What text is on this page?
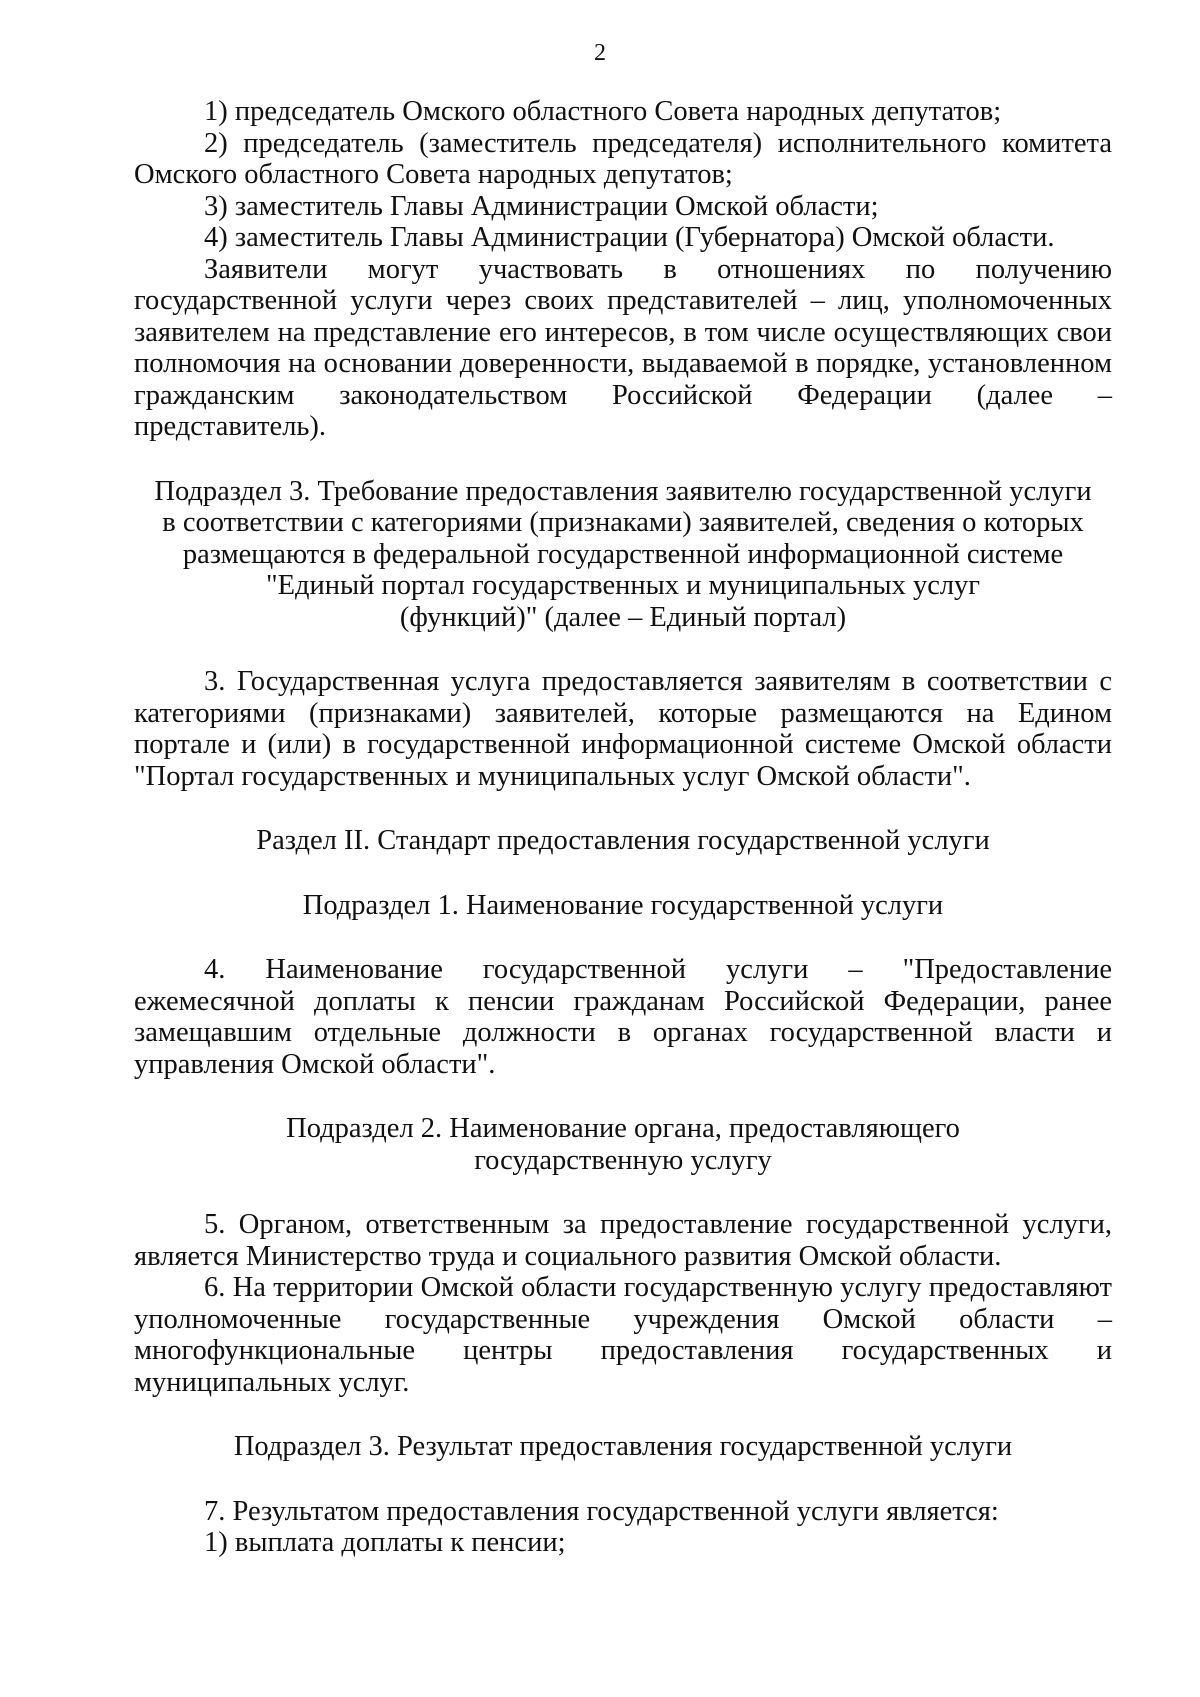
2

1) председатель Омского областного Совета народных депутатов;

2) председатель (заместитель председателя) исполнительного комитета Омского областного Совета народных депутатов;

3) заместитель Главы Администрации Омской области;

4) заместитель Главы Администрации (Губернатора) Омской области.

Заявители могут участвовать в отношениях по получению государственной услуги через своих представителей – лиц, уполномоченных заявителем на представление его интересов, в том числе осуществляющих свои полномочия на основании доверенности, выдаваемой в порядке, установленном гражданским законодательством Российской Федерации (далее – представитель).

Подраздел 3. Требование предоставления заявителю государственной услуги
в соответствии с категориями (признаками) заявителей, сведения о которых
размещаются в федеральной государственной информационной системе
"Единый портал государственных и муниципальных услуг
(функций)" (далее – Единый портал)

3. Государственная услуга предоставляется заявителям в соответствии с категориями (признаками) заявителей, которые размещаются на Едином портале и (или) в государственной информационной системе Омской области "Портал государственных и муниципальных услуг Омской области".

Раздел II. Стандарт предоставления государственной услуги

Подраздел 1. Наименование государственной услуги

4. Наименование государственной услуги – "Предоставление ежемесячной доплаты к пенсии гражданам Российской Федерации, ранее замещавшим отдельные должности в органах государственной власти и управления Омской области".

Подраздел 2. Наименование органа, предоставляющего
государственную услугу

5. Органом, ответственным за предоставление государственной услуги, является Министерство труда и социального развития Омской области.

6. На территории Омской области государственную услугу предоставляют уполномоченные государственные учреждения Омской области – многофункциональные центры предоставления государственных и муниципальных услуг.

Подраздел 3. Результат предоставления государственной услуги

7. Результатом предоставления государственной услуги является:

1) выплата доплаты к пенсии;
